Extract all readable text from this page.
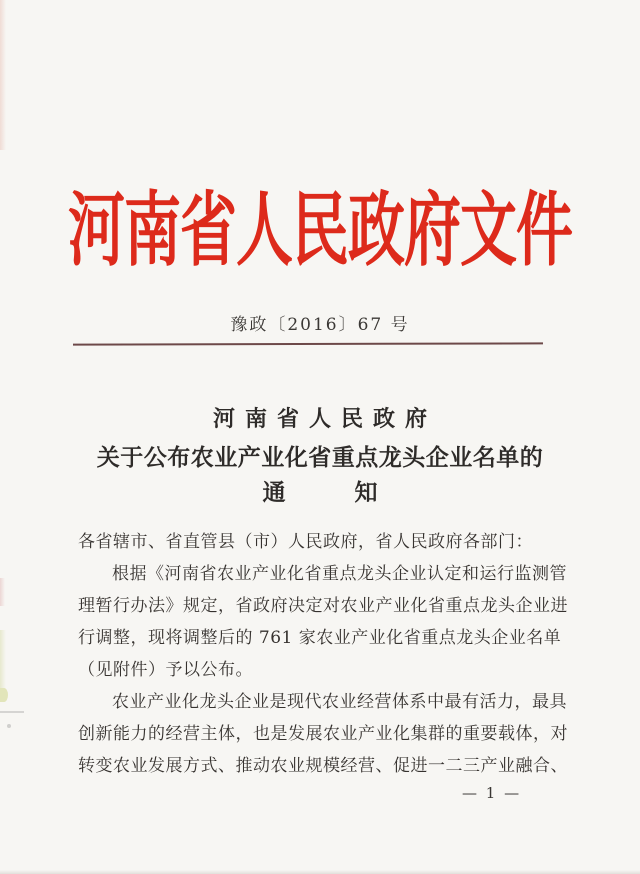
河南省人民政府文件
豫政〔2016〕67 号
河南省人民政府
关于公布农业产业化省重点龙头企业名单的
通　　　知
各省辖市、省直管县（市）人民政府，省人民政府各部门：
根据《河南省农业产业化省重点龙头企业认定和运行监测管
理暂行办法》规定，省政府决定对农业产业化省重点龙头企业进
行调整，现将调整后的 761 家农业产业化省重点龙头企业名单
（见附件）予以公布。
农业产业化龙头企业是现代农业经营体系中最有活力，最具
创新能力的经营主体，也是发展农业产业化集群的重要载体，对
转变农业发展方式、推动农业规模经营、促进一二三产业融合、
— 1 —
